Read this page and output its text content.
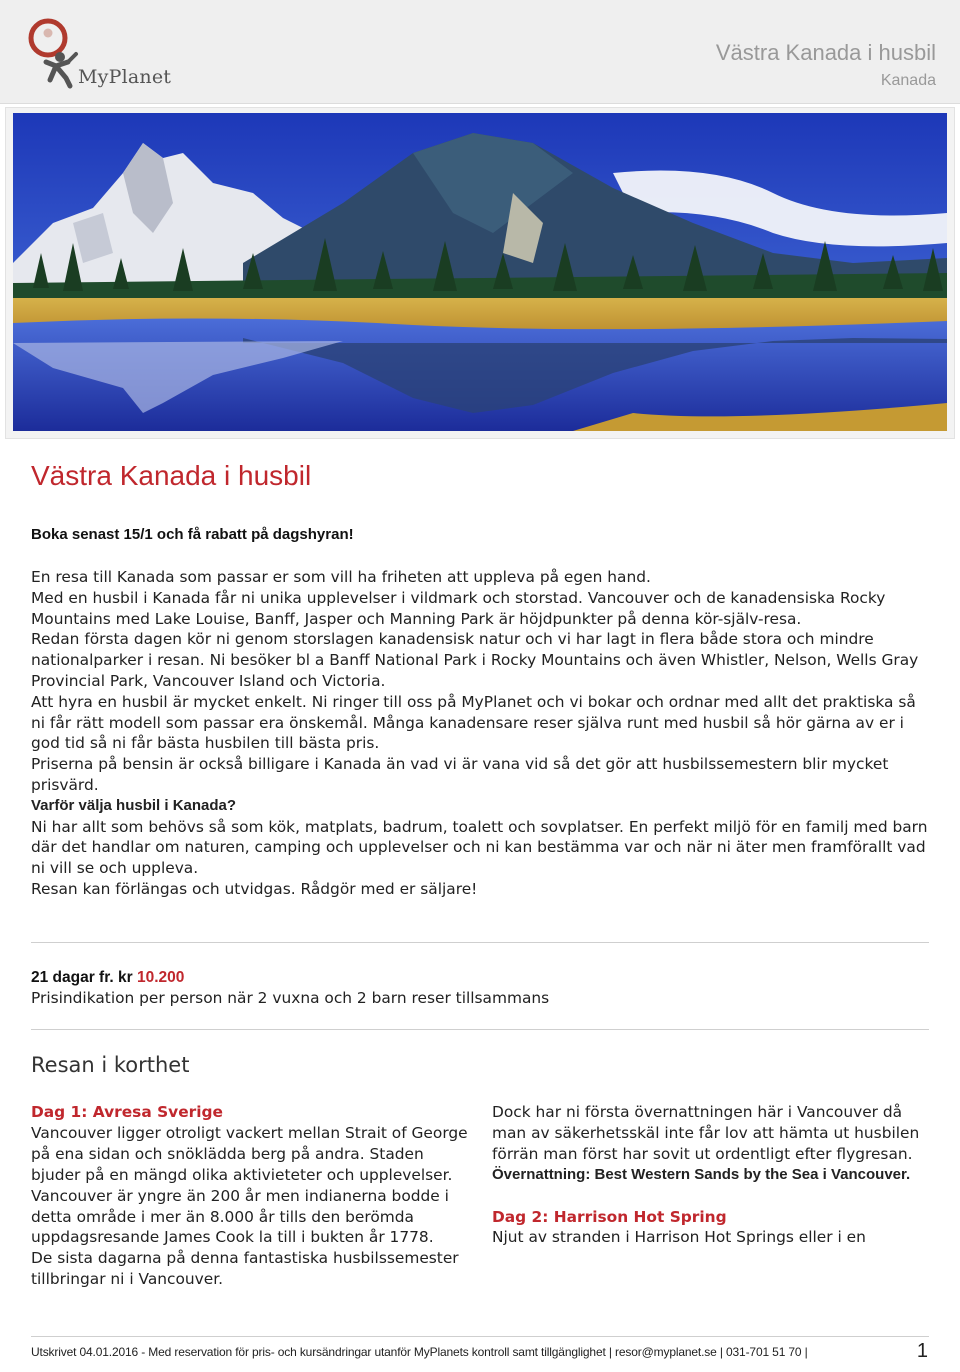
MyPlanet
Västra Kanada i husbil
Kanada
Västra Kanada i husbil
Boka senast 15/1 och få rabatt på dagshyran!

En resa till Kanada som passar er som vill ha friheten att uppleva på egen hand.

Med en husbil i Kanada får ni unika upplevelser i vildmark och storstad. Vancouver och de kanadensiska Rocky Mountains med Lake Louise, Banff, Jasper och Manning Park är höjdpunkter på denna kör-själv-resa.

Redan första dagen kör ni genom storslagen kanadensisk natur och vi har lagt in flera både stora och mindre nationalparker i resan. Ni besöker bl a Banff National Park i Rocky Mountains och även Whistler, Nelson, Wells Gray Provincial Park, Vancouver Island och Victoria.

Att hyra en husbil är mycket enkelt. Ni ringer till oss på MyPlanet och vi bokar och ordnar med allt det praktiska så ni får rätt modell som passar era önskemål. Många kanadensare reser själva runt med husbil så hör gärna av er i god tid så ni får bästa husbilen till bästa pris.

Priserna på bensin är också billigare i Kanada än vad vi är vana vid så det gör att husbilssemestern blir mycket prisvärd.

Varför välja husbil i Kanada?

Ni har allt som behövs så som kök, matplats, badrum, toalett och sovplatser. En perfekt miljö för en familj med barn där det handlar om naturen, camping och upplevelser och ni kan bestämma var och när ni äter men framförallt vad ni vill se och uppleva.

Resan kan förlängas och utvidgas. Rådgör med er säljare!

21 dagar fr. kr 10.200
Prisindikation per person när 2 vuxna och 2 barn reser tillsammans
Resan i korthet

Dag 1: Avresa Sverige

Vancouver ligger otroligt vackert mellan Strait of George på ena sidan och snöklädda berg på andra. Staden bjuder på en mängd olika aktivieteter och upplevelser. Vancouver är yngre än 200 år men indianerna bodde i detta område i mer än 8.000 år tills den berömda uppdagsresande James Cook la till i bukten år 1778.

De sista dagarna på denna fantastiska husbilssemester tillbringar ni i Vancouver.

Dock har ni första övernattningen här i Vancouver då man av säkerhetsskäl inte får lov att hämta ut husbilen förrän man först har sovit ut ordentligt efter flygresan.

Övernattning: Best Western Sands by the Sea i Vancouver.

Dag 2: Harrison Hot Spring

Njut av stranden i Harrison Hot Springs eller i en

Utskrivet 04.01.2016 - Med reservation för pris- och kursändringar utanför MyPlanets kontroll samt tillgänglighet | resor@myplanet.se | 031-701 51 70 |	1
